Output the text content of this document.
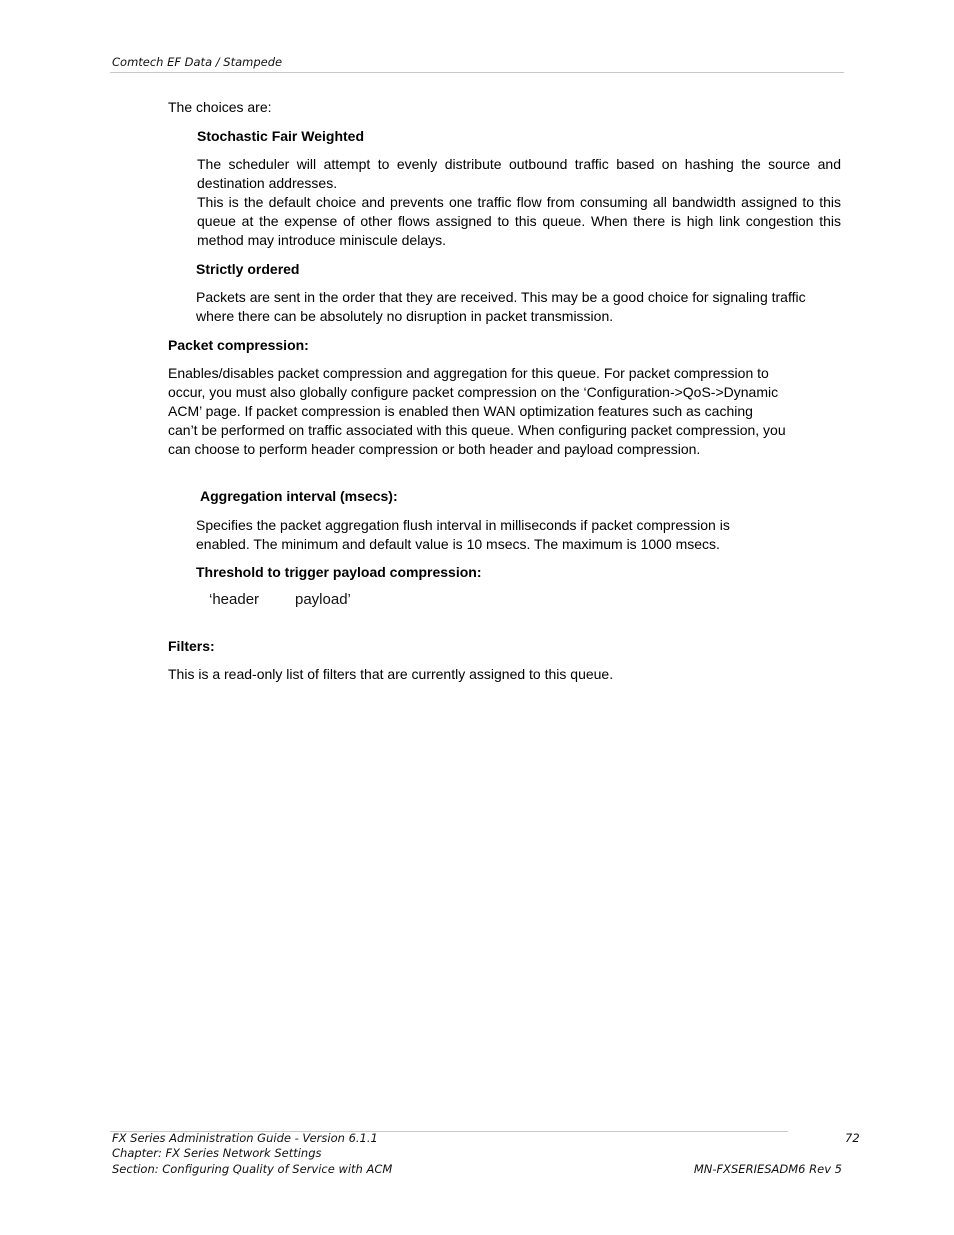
Comtech EF Data / Stampede

The choices are:

Stochastic Fair Weighted

The scheduler will attempt to evenly distribute outbound traffic based on hashing the source and destination addresses.

This is the default choice and prevents one traffic flow from consuming all bandwidth assigned to this queue at the expense of other flows assigned to this queue. When there is high link congestion this method may introduce miniscule delays.

Strictly ordered

Packets are sent in the order that they are received. This may be a good choice for signaling traffic where there can be absolutely no disruption in packet transmission.

Packet compression:

Enables/disables packet compression and aggregation for this queue. For packet compression to occur, you must also globally configure packet compression on the ‘Configuration->QoS->Dynamic ACM’ page. If packet compression is enabled then WAN optimization features such as caching can’t be performed on traffic associated with this queue. When configuring packet compression, you can choose to perform header compression or both header and payload compression.

Aggregation interval (msecs):

Specifies the packet aggregation flush interval in milliseconds if packet compression is enabled. The minimum and default value is 10 msecs. The maximum is 1000 msecs.

Threshold to trigger payload compression:

‘header payload’

Filters:

This is a read-only list of filters that are currently assigned to this queue.

FX Series Administration Guide - Version 6.1.1	72
Chapter: FX Series Network Settings
Section: Configuring Quality of Service with ACM	MN-FXSERIESADM6 Rev 5
